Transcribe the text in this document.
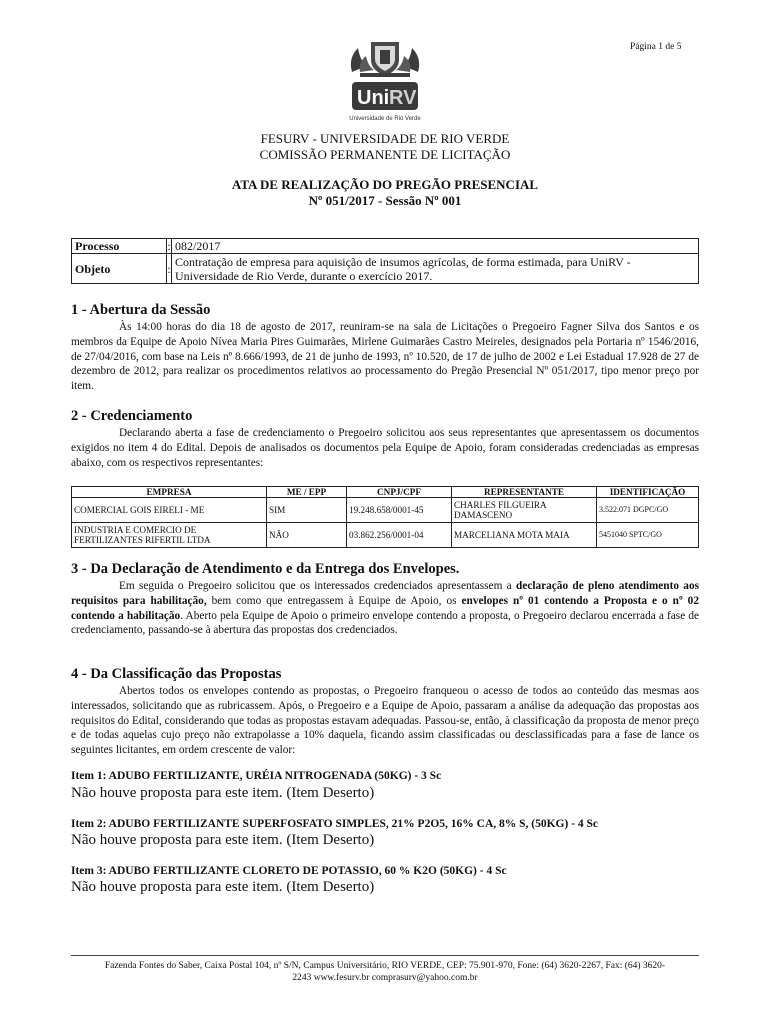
Página 1 de 5
Uni RV
Universidade de Rio Verde
FESURV - UNIVERSIDADE DE RIO VERDE
COMISSÃO PERMANENTE DE LICITAÇÃO
ATA DE REALIZAÇÃO DO PREGÃO PRESENCIAL
Nº 051/2017 - Sessão Nº 001
Processo	:	082/2017
Objeto	:	Contratação de empresa para aquisição de insumos agrícolas, de forma estimada, para UniRV - Universidade de Rio Verde, durante o exercício 2017.
1 - Abertura da Sessão
Às 14:00 horas do dia 18 de agosto de 2017, reuniram-se na sala de Licitações o Pregoeiro Fagner Silva dos Santos e os membros da Equipe de Apoio Nívea Maria Pires Guimarães, Mirlene Guimarães Castro Meireles, designados pela Portaria nº 1546/2016, de 27/04/2016, com base na Leis nº 8.666/1993, de 21 de junho de 1993, nº 10.520, de 17 de julho de 2002 e Lei Estadual 17.928 de 27 de dezembro de 2012, para realizar os procedimentos relativos ao processamento do Pregão Presencial Nº 051/2017, tipo menor preço por item.
2 - Credenciamento
Declarando aberta a fase de credenciamento o Pregoeiro solicitou aos seus representantes que apresentassem os documentos exigidos no item 4 do Edital. Depois de analisados os documentos pela Equipe de Apoio, foram consideradas credenciadas as empresas abaixo, com os respectivos representantes:
EMPRESA	ME / EPP	CNPJ/CPF	REPRESENTANTE	IDENTIFICAÇÃO
COMERCIAL GOIS EIRELI - ME	SIM	19.248.658/0001-45	CHARLES FILGUEIRA DAMASCENO	3.522.071 DGPC/GO
INDUSTRIA E COMERCIO DE FERTILIZANTES RIFERTIL LTDA	NÃO	03.862.256/0001-04	MARCELIANA MOTA MAIA	5451040 SPTC/GO
3 - Da Declaração de Atendimento e da Entrega dos Envelopes.
Em seguida o Pregoeiro solicitou que os interessados credenciados apresentassem a declaração de pleno atendimento aos requisitos para habilitação, bem como que entregassem à Equipe de Apoio, os envelopes nº 01 contendo a Proposta e o nº 02 contendo a habilitação. Aberto pela Equipe de Apoio o primeiro envelope contendo a proposta, o Pregoeiro declarou encerrada a fase de credenciamento, passando-se à abertura das propostas dos credenciados.
4 - Da Classificação das Propostas
Abertos todos os envelopes contendo as propostas, o Pregoeiro franqueou o acesso de todos ao conteúdo das mesmas aos interessados, solicitando que as rubricassem. Após, o Pregoeiro e a Equipe de Apoio, passaram a análise da adequação das propostas aos requisitos do Edital, considerando que todas as propostas estavam adequadas. Passou-se, então, à classificação da proposta de menor preço e de todas aquelas cujo preço não extrapolasse a 10% daquela, ficando assim classificadas ou desclassificadas para a fase de lance os seguintes licitantes, em ordem crescente de valor:
Item 1: ADUBO FERTILIZANTE, URÉIA NITROGENADA (50KG) - 3 Sc
Não houve proposta para este item. (Item Deserto)
Item 2: ADUBO FERTILIZANTE SUPERFOSFATO SIMPLES, 21% P2O5, 16% CA, 8% S, (50KG) - 4 Sc
Não houve proposta para este item. (Item Deserto)
Item 3: ADUBO FERTILIZANTE CLORETO DE POTASSIO, 60 % K2O (50KG) - 4 Sc
Não houve proposta para este item. (Item Deserto)
Fazenda Fontes do Saber, Caixa Postal 104, nº S/N, Campus Universitário, RIO VERDE, CEP: 75.901-970, Fone: (64) 3620-2267, Fax: (64) 3620-
2243 www.fesurv.br comprasurv@yahoo.com.br
